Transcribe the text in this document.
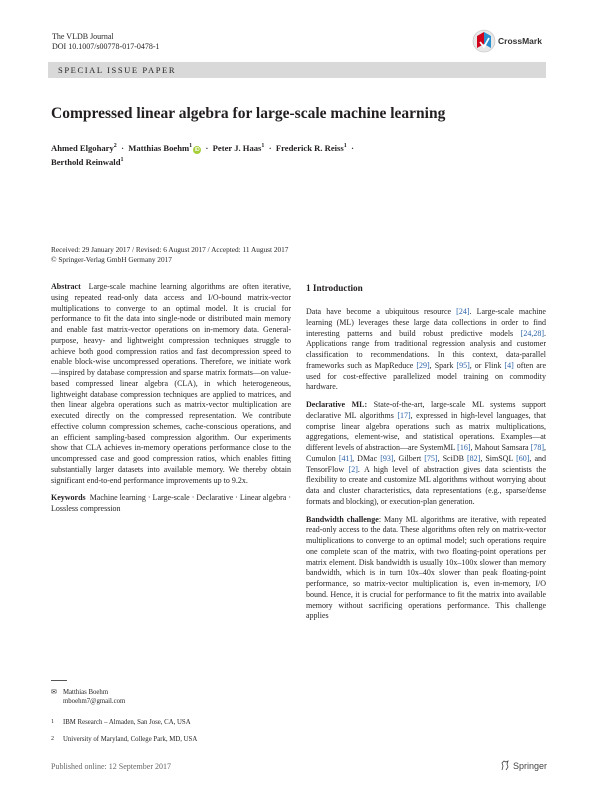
The VLDB Journal
DOI 10.1007/s00778-017-0478-1
CrossMark
SPECIAL ISSUE PAPER
Compressed linear algebra for large-scale machine learning
Ahmed Elgohary$^2$  ·  Matthias Boehm$^1$iD  ·  Peter J. Haas$^1$  ·  Frederick R. Reiss$^1$  ·
Berthold Reinwald$^1$
Received: 29 January 2017 / Revised: 6 August 2017 / Accepted: 11 August 2017
© Springer-Verlag GmbH Germany 2017
Abstract Large-scale machine learning algorithms are often iterative, using repeated read-only data access and I/O-bound matrix-vector multiplications to converge to an optimal model. It is crucial for performance to fit the data into single-node or distributed main memory and enable fast matrix-vector operations on in-memory data. General-purpose, heavy- and lightweight compression techniques struggle to achieve both good compression ratios and fast decompression speed to enable block-wise uncompressed operations. Therefore, we initiate work—inspired by database compression and sparse matrix formats—on value-based compressed linear algebra (CLA), in which heterogeneous, lightweight database compression techniques are applied to matrices, and then linear algebra operations such as matrix-vector multiplication are executed directly on the compressed representation. We contribute effective column compression schemes, cache-conscious operations, and an efficient sampling-based compression algorithm. Our experiments show that CLA achieves in-memory operations performance close to the uncompressed case and good compression ratios, which enables fitting substantially larger datasets into available memory. We thereby obtain significant end-to-end performance improvements up to 9.2x.
Keywords Machine learning · Large-scale · Declarative · Linear algebra · Lossless compression
✉ Matthias Boehm
mboehm7@gmail.com
1 IBM Research – Almaden, San Jose, CA, USA
2 University of Maryland, College Park, MD, USA
Published online: 12 September 2017
1 Introduction
Data have become a ubiquitous resource [24]. Large-scale machine learning (ML) leverages these large data collections in order to find interesting patterns and build robust predictive models [24,28]. Applications range from traditional regression analysis and customer classification to recommendations. In this context, data-parallel frameworks such as MapReduce [29], Spark [95], or Flink [4] often are used for cost-effective parallelized model training on commodity hardware.
Declarative ML: State-of-the-art, large-scale ML systems support declarative ML algorithms [17], expressed in high-level languages, that comprise linear algebra operations such as matrix multiplications, aggregations, element-wise, and statistical operations. Examples—at different levels of abstraction—are SystemML [16], Mahout Samsara [78], Cumulon [41], DMac [93], Gilbert [75], SciDB [82], SimSQL [60], and TensorFlow [2]. A high level of abstraction gives data scientists the flexibility to create and customize ML algorithms without worrying about data and cluster characteristics, data representations (e.g., sparse/dense formats and blocking), or execution-plan generation.
Bandwidth challenge: Many ML algorithms are iterative, with repeated read-only access to the data. These algorithms often rely on matrix-vector multiplications to converge to an optimal model; such operations require one complete scan of the matrix, with two floating-point operations per matrix element. Disk bandwidth is usually 10x–100x slower than memory bandwidth, which is in turn 10x–40x slower than peak floating-point performance, so matrix-vector multiplication is, even in-memory, I/O bound. Hence, it is crucial for performance to fit the matrix into available memory without sacrificing operations performance. This challenge applies
Springer
